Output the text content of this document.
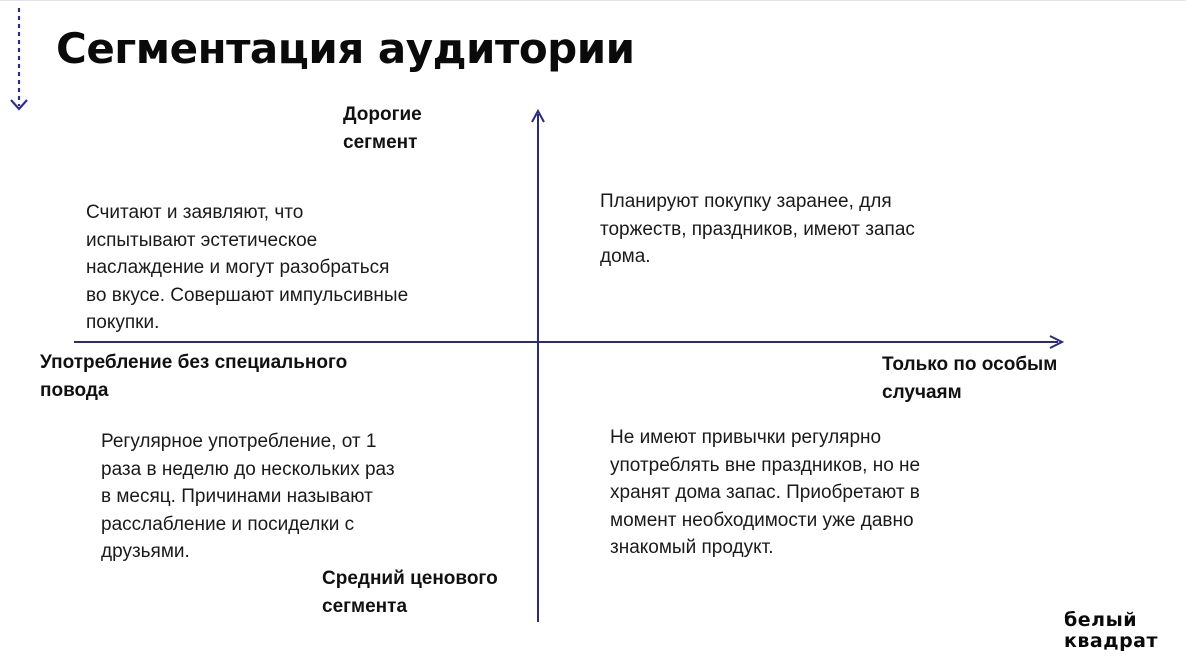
Сегментация аудитории
Дорогие
сегмент
Употребление без специального
повода
Только по особым
случаям
Средний ценового
сегмента
Считают и заявляют, что
испытывают эстетическое
наслаждение и могут разобраться
во вкусе. Совершают импульсивные
покупки.
Планируют покупку заранее, для
торжеств, праздников, имеют запас
дома.
Регулярное употребление, от 1
раза в неделю до нескольких раз
в месяц. Причинами называют
расслабление и посиделки с
друзьями.
Не имеют привычки регулярно
употреблять вне праздников, но не
хранят дома запас. Приобретают в
момент необходимости уже давно
знакомый продукт.
белый
квадрат
